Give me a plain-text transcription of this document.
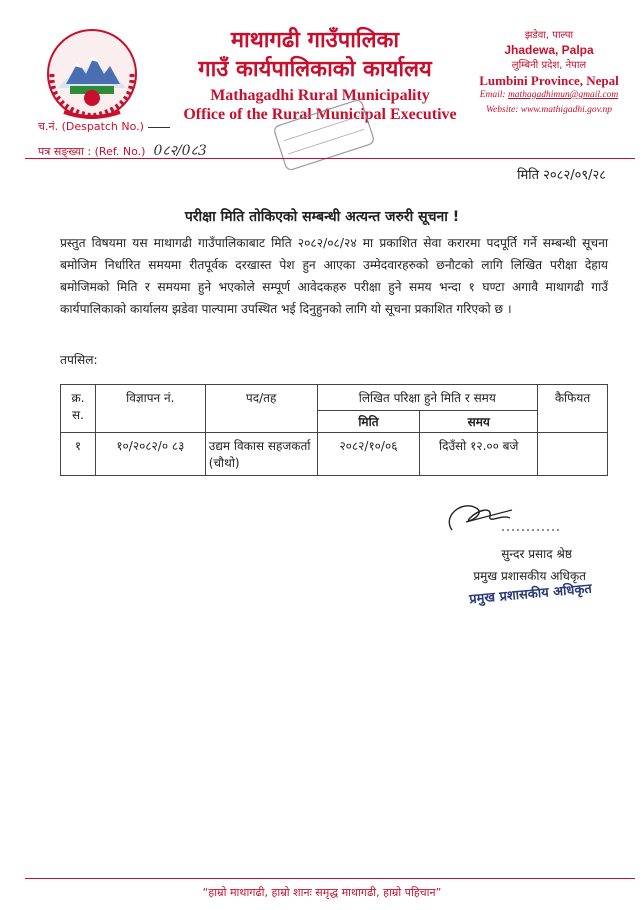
माथागढी गाउँपालिका
गाउँ कार्यपालिकाको कार्यालय
Mathagadhi Rural Municipality
Office of the Rural Municipal Executive
झडेवा, पाल्पा
Jhadewa, Palpa
लुम्बिनी प्रदेश, नेपाल
Lumbini Province, Nepal
Email: mathagadhimun@gmail.com
Website: www.mathigadhi.gov.np
च.नं. (Despatch No.)
पत्र सङ्ख्या : (Ref. No.) 0८२/0८3
मिति २०८२/०९/२८
परीक्षा मिति तोकिएको सम्बन्धी अत्यन्त जरुरी सूचना !
प्रस्तुत विषयमा यस माथागढी गाउँपालिकाबाट मिति २०८२/०८/२४ मा प्रकाशित सेवा करारमा पदपूर्ति गर्ने सम्बन्धी सूचना बमोजिम निर्धारित समयमा रीतपूर्वक दरखास्त पेश हुन आएका उम्मेदवारहरुको छनौटको लागि लिखित परीक्षा देहाय बमोजिमको मिति र समयमा हुने भएकोले सम्पूर्ण आवेदकहरु परीक्षा हुने समय भन्दा १ घण्टा अगावै माथागढी गाउँ कार्यपालिकाको कार्यालय झडेवा पाल्पामा उपस्थित भई दिनुहुनको लागि यो सूचना प्रकाशित गरिएको छ ।
तपसिल:
क्र. स.	विज्ञापन नं.	पद/तह	लिखित परिक्षा हुने मिति र समय		कैफियत
			मिति	समय	
१	१०/२०८२/० ८३	उद्यम विकास सहजकर्ता (चौथो)	२०८२/१०/०६	दिउँसो १२.०० बजे	
सुन्दर प्रसाद श्रेष्ठ
प्रमुख प्रशासकीय अधिकृत
प्रमुख प्रशासकीय अधिकृत
“हाम्रो माथागढी, हाम्रो शानः समृद्ध माथागढी, हाम्रो पहिचान”
